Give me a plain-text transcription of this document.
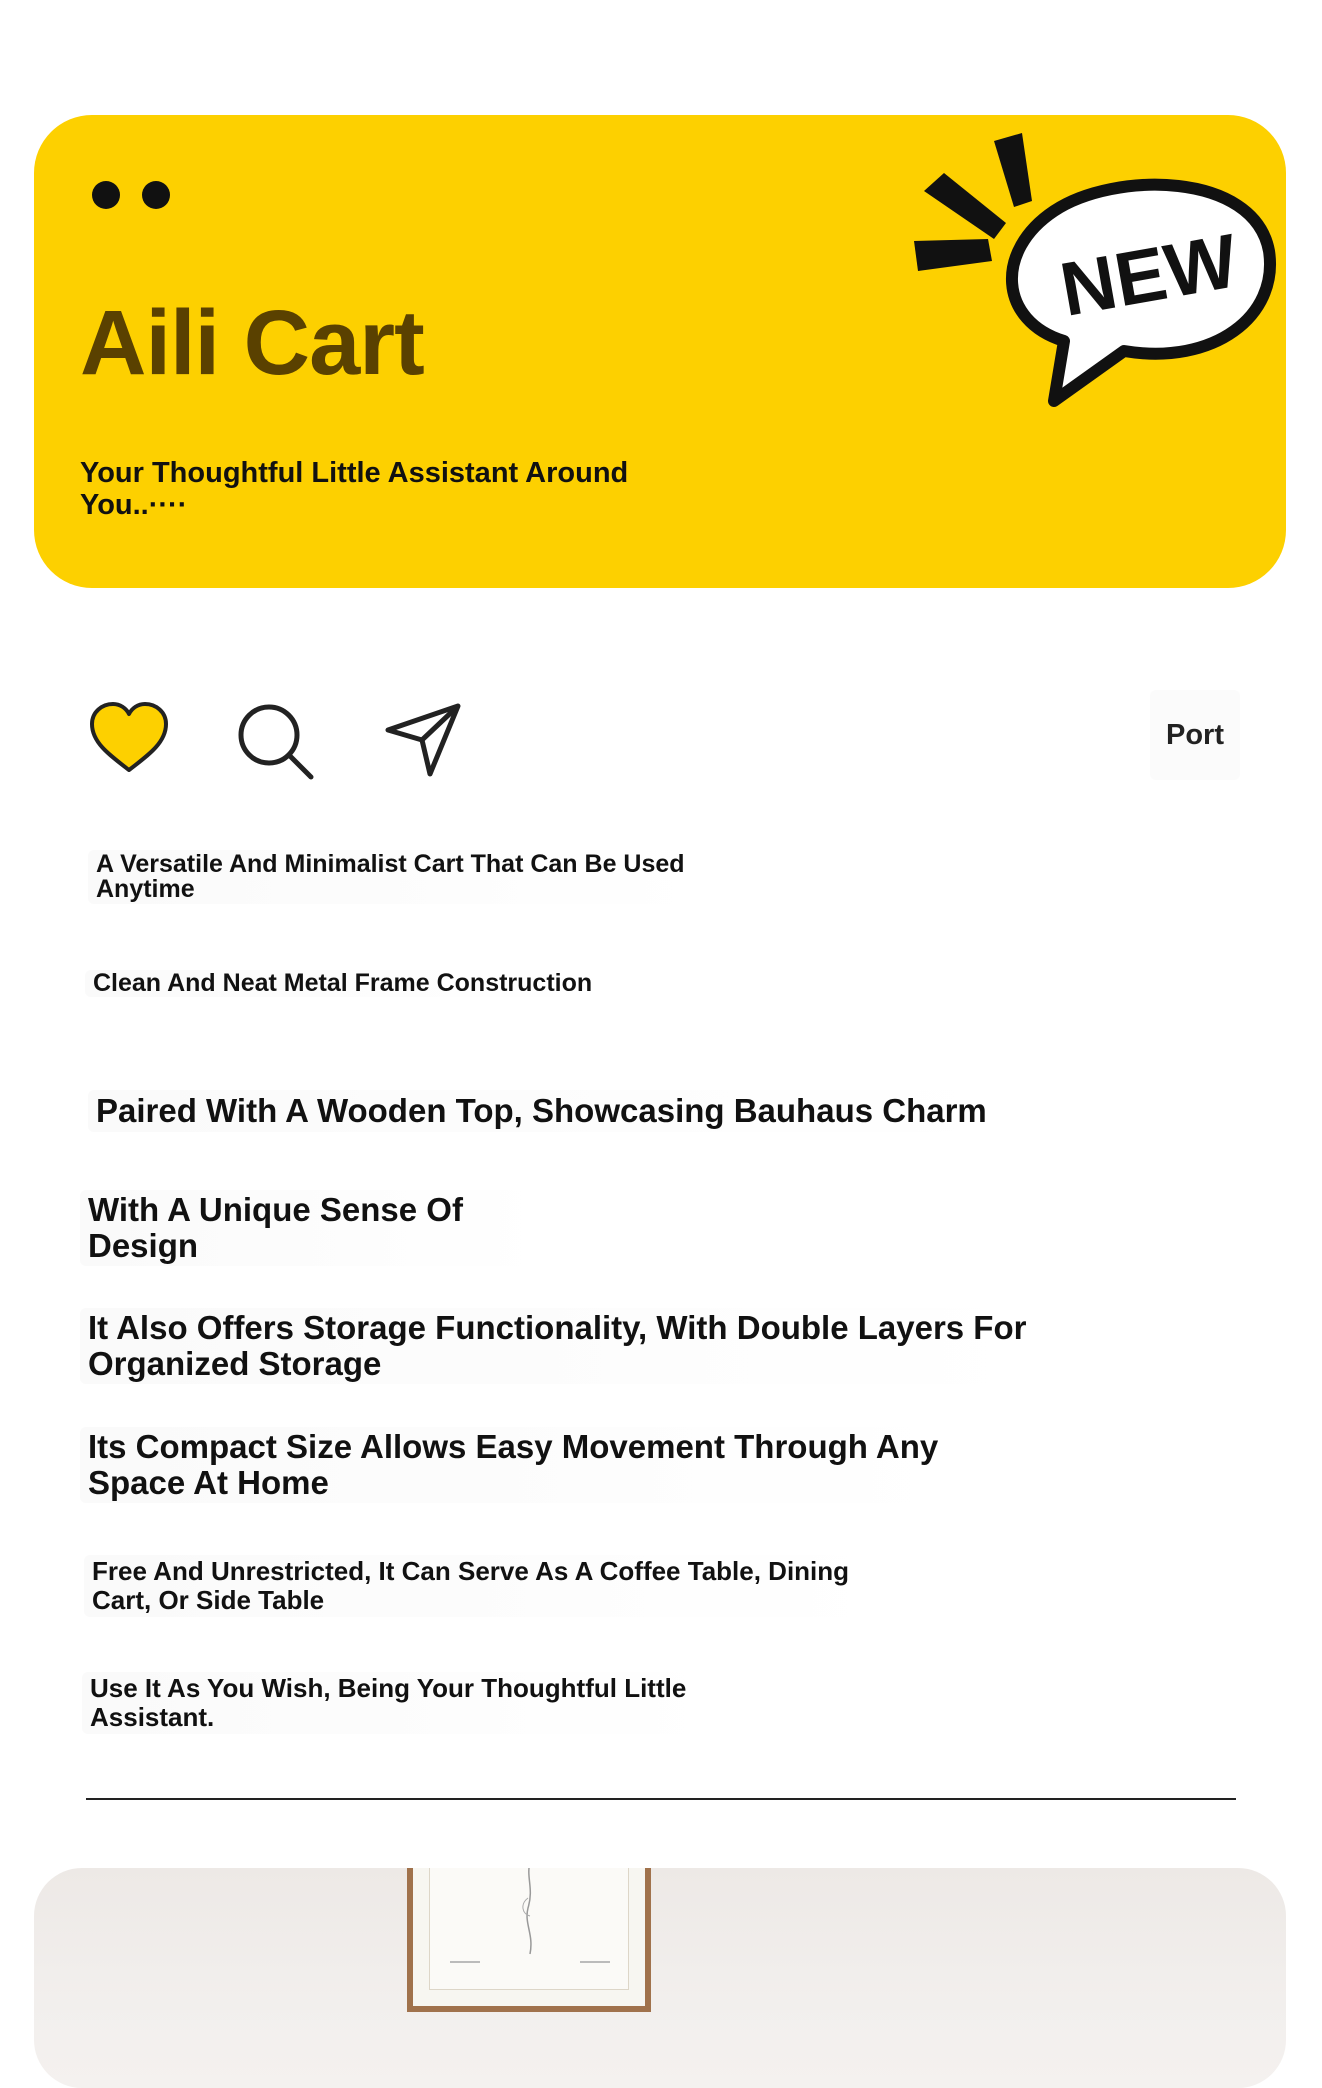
Aili Cart
Your Thoughtful Little Assistant Around You..····
NEW
Port
A Versatile And Minimalist Cart That Can Be Used Anytime
Clean And Neat Metal Frame Construction
Paired With A Wooden Top, Showcasing Bauhaus Charm
With A Unique Sense Of Design
It Also Offers Storage Functionality, With Double Layers For Organized Storage
Its Compact Size Allows Easy Movement Through Any Space At Home
Free And Unrestricted, It Can Serve As A Coffee Table, Dining Cart, Or Side Table
Use It As You Wish, Being Your Thoughtful Little Assistant.
